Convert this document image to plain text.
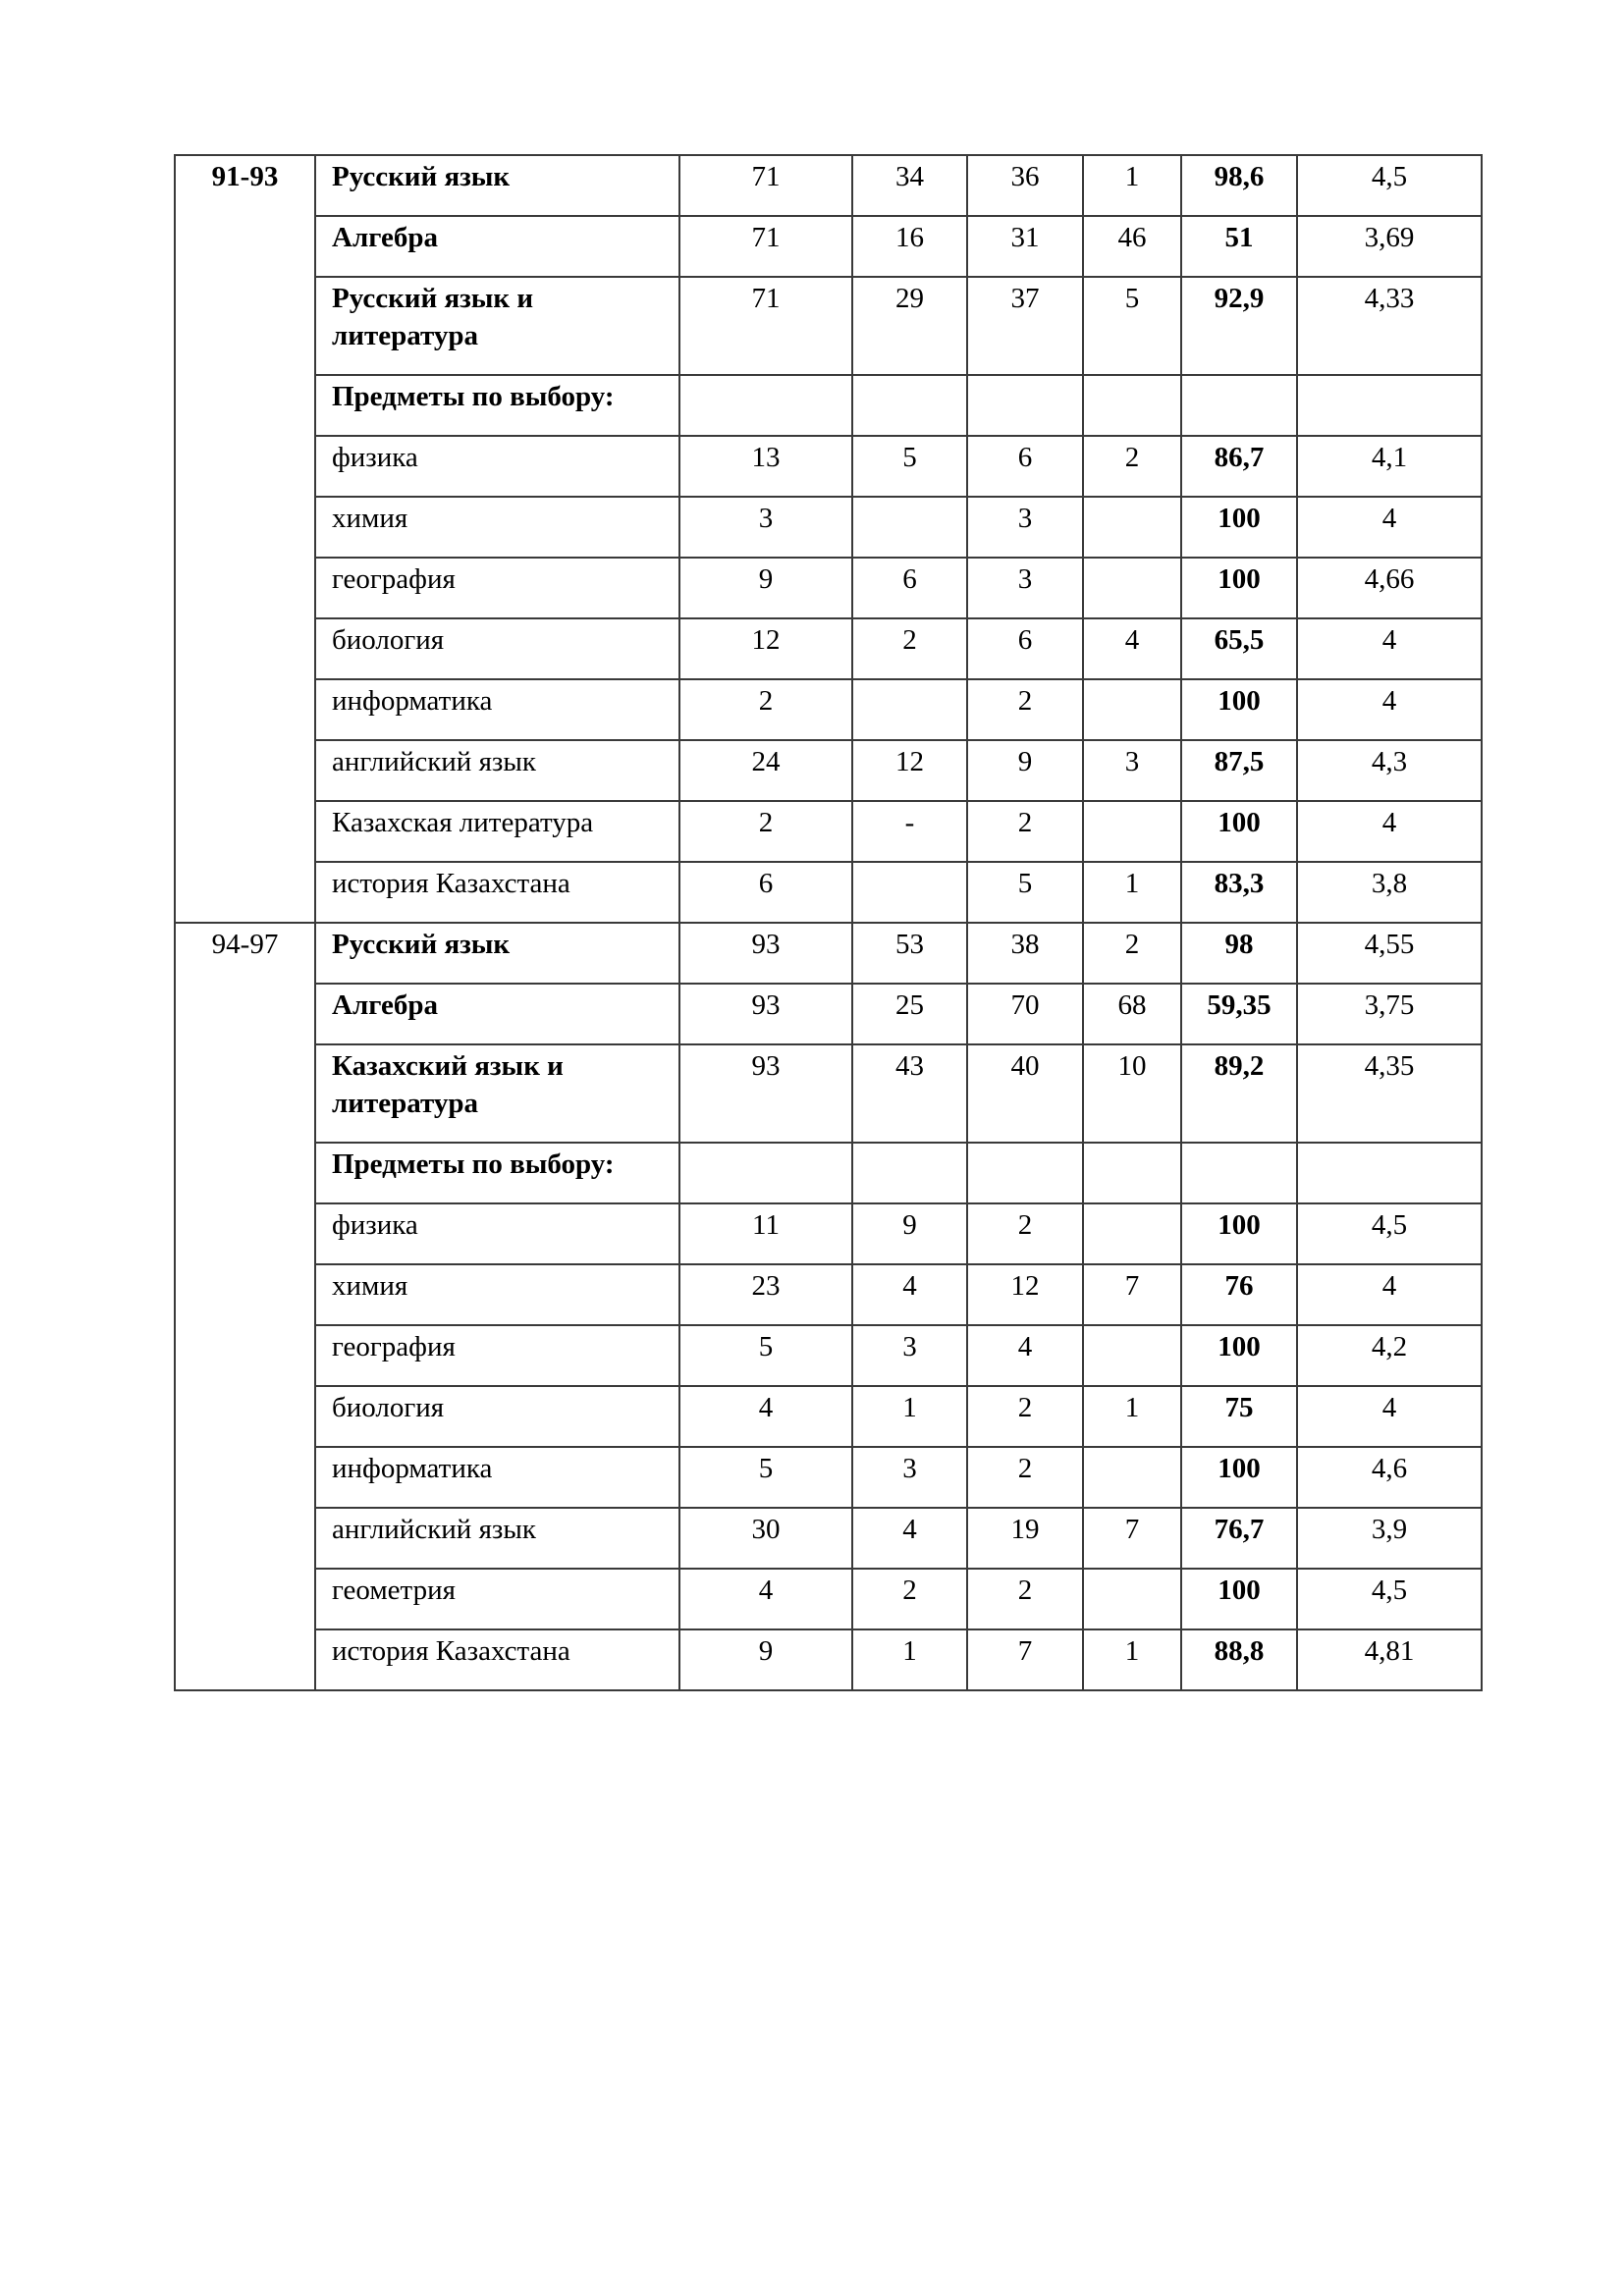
91-93	Русский язык	71	34	36	1	98,6	4,5
	Алгебра	71	16	31	46	51	3,69
	Русский язык и литература	71	29	37	5	92,9	4,33
	Предметы по выбору:						
	физика	13	5	6	2	86,7	4,1
	химия	3		3		100	4
	география	9	6	3		100	4,66
	биология	12	2	6	4	65,5	4
	информатика	2		2		100	4
	английский язык	24	12	9	3	87,5	4,3
	Казахская литература	2	-	2		100	4
	история Казахстана	6		5	1	83,3	3,8
94-97	Русский язык	93	53	38	2	98	4,55
	Алгебра	93	25	70	68	59,35	3,75
	Казахский язык и литература	93	43	40	10	89,2	4,35
	Предметы по выбору:						
	физика	11	9	2		100	4,5
	химия	23	4	12	7	76	4
	география	5	3	4		100	4,2
	биология	4	1	2	1	75	4
	информатика	5	3	2		100	4,6
	английский язык	30	4	19	7	76,7	3,9
	геометрия	4	2	2		100	4,5
	история Казахстана	9	1	7	1	88,8	4,81
